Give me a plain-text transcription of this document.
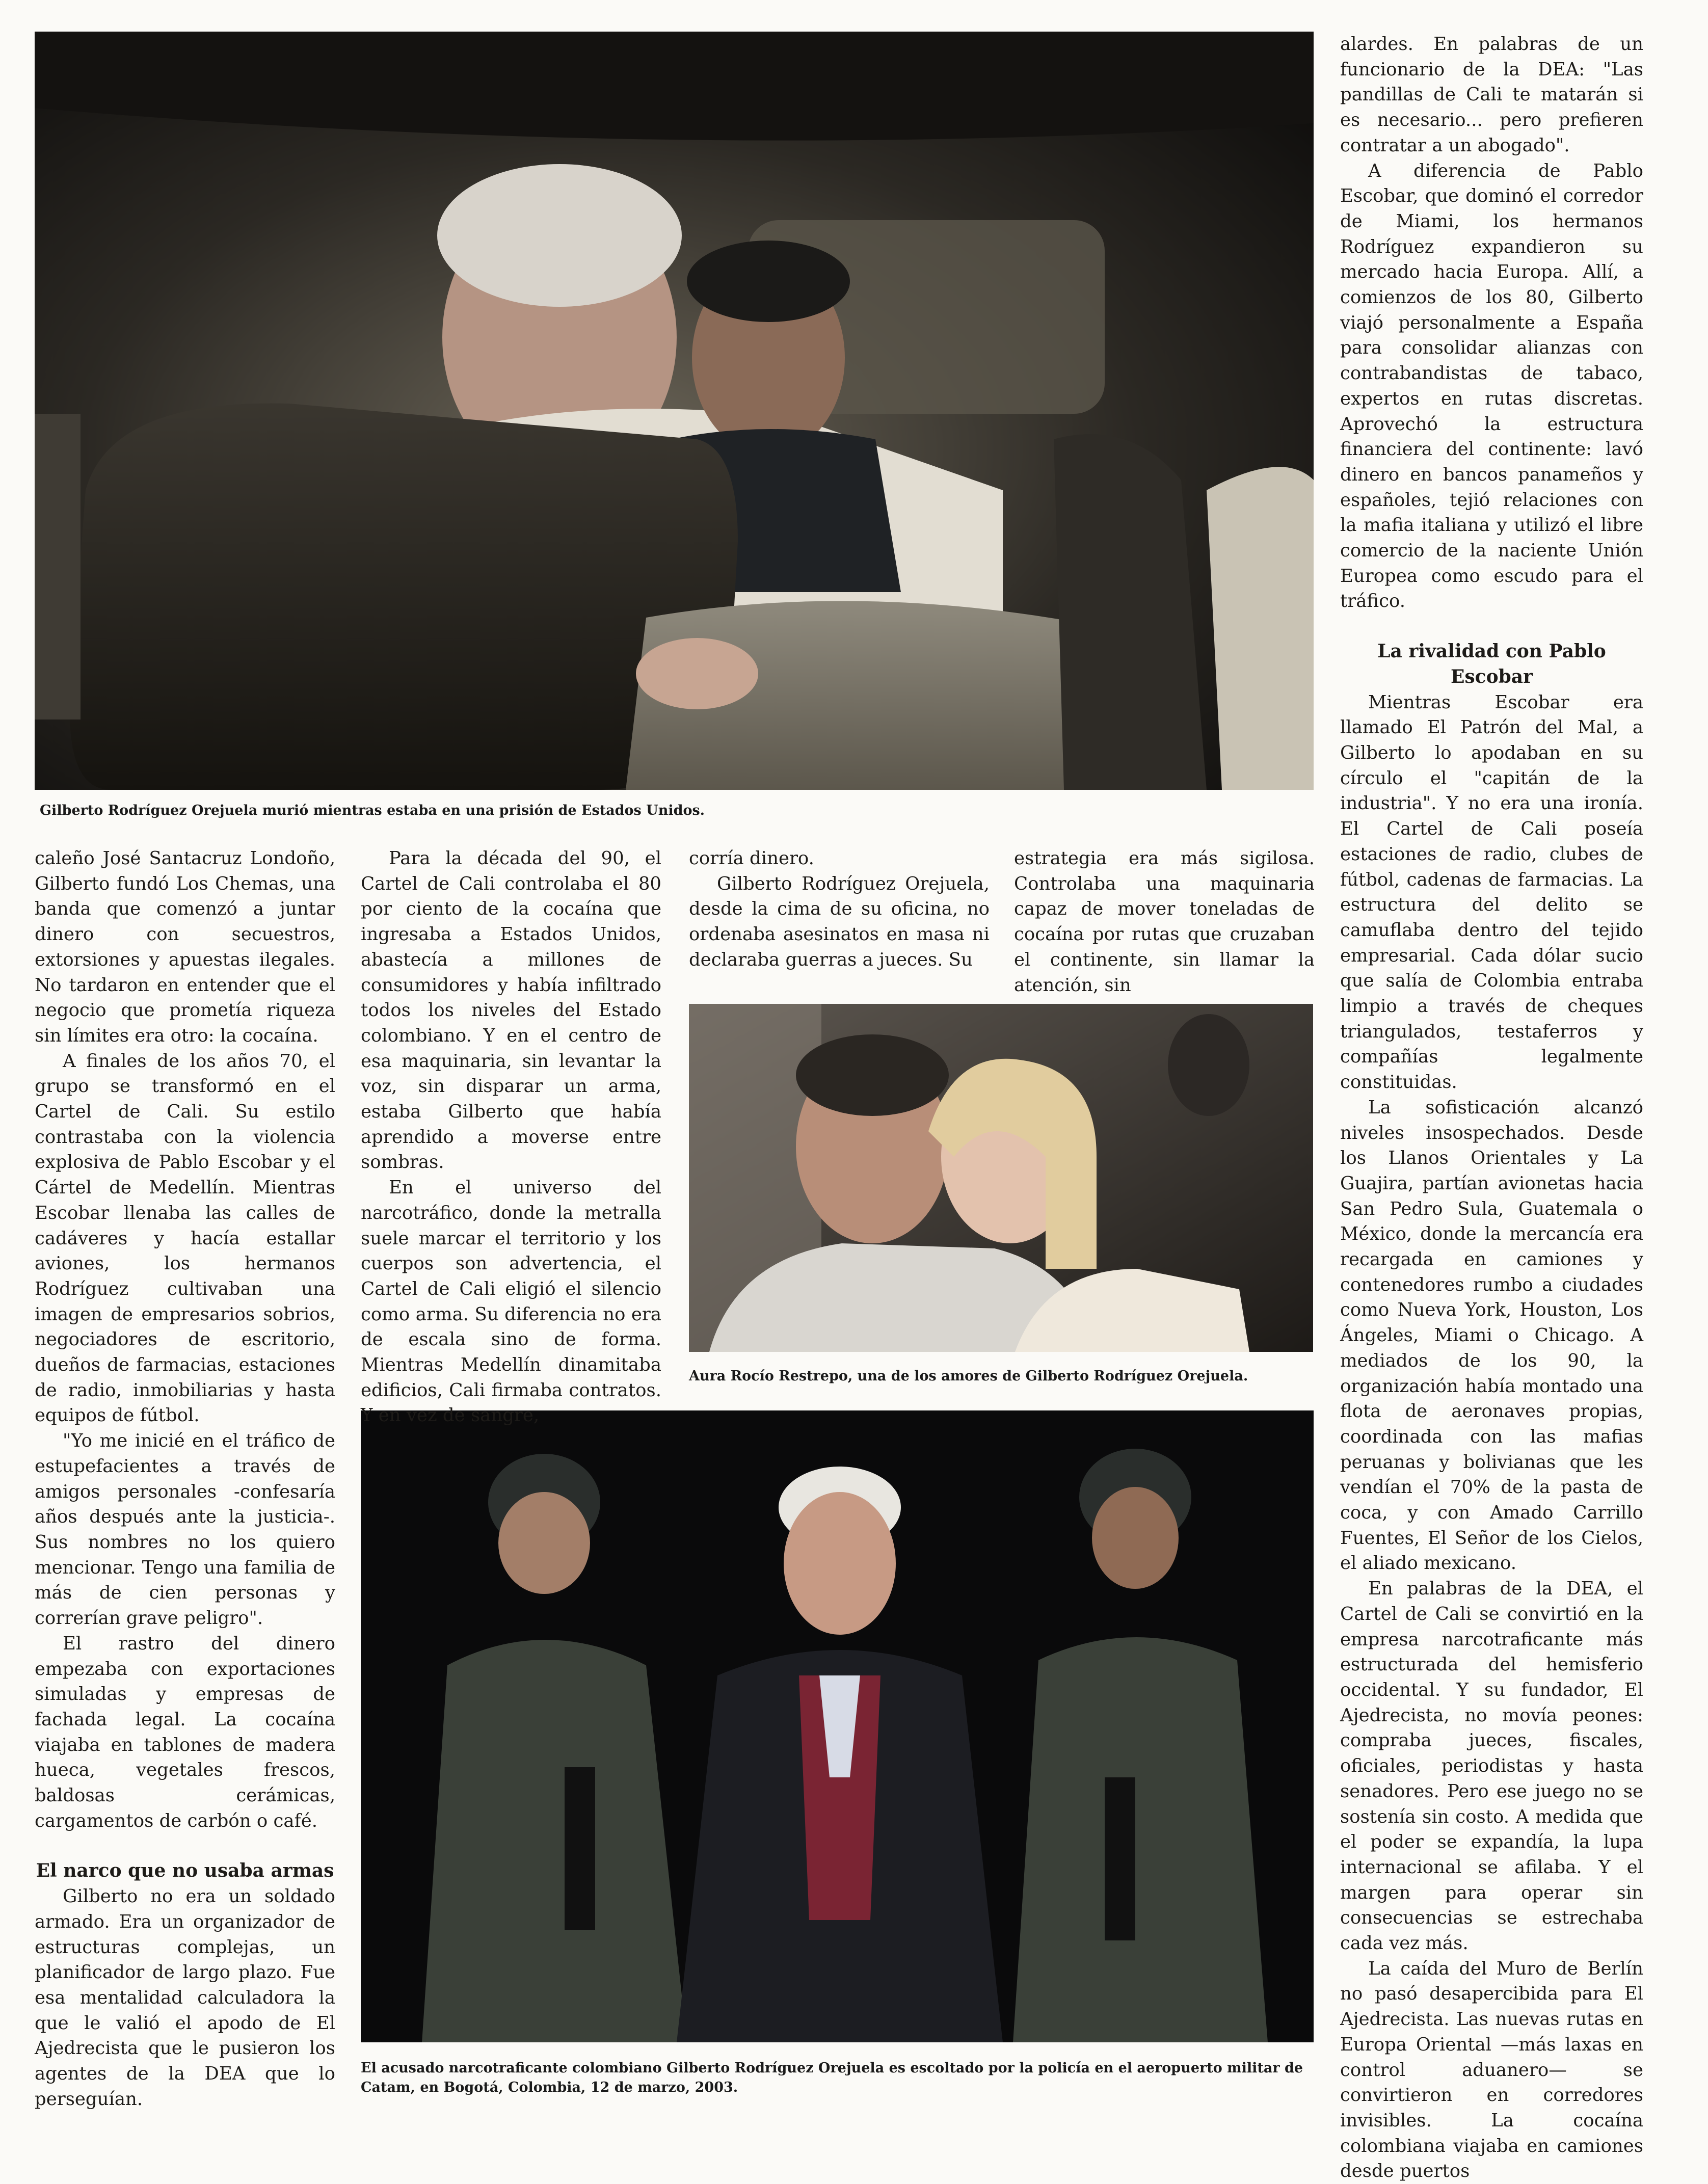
Gilberto Rodríguez Orejuela murió mientras estaba en una prisión de Estados Unidos.
Aura Rocío Restrepo, una de los amores de Gilberto Rodríguez Orejuela.
El acusado narcotraficante colombiano Gilberto Rodríguez Orejuela es escoltado por la policía en el aeropuerto militar de Catam, en Bogotá, Colombia, 12 de marzo, 2003.

caleño José Santacruz Londoño, Gilberto fundó Los Chemas, una banda que comenzó a juntar dinero con secuestros, extorsiones y apuestas ilegales. No tardaron en entender que el negocio que prometía riqueza sin límites era otro: la cocaína.

A finales de los años 70, el grupo se transformó en el Cartel de Cali. Su estilo contrastaba con la violencia explosiva de Pablo Escobar y el Cártel de Medellín. Mientras Escobar llenaba las calles de cadáveres y hacía estallar aviones, los hermanos Rodríguez cultivaban una imagen de empresarios sobrios, negociadores de escritorio, dueños de farmacias, estaciones de radio, inmobiliarias y hasta equipos de fútbol.

"Yo me inicié en el tráfico de estupefacientes a través de amigos personales -confesaría años después ante la justicia-. Sus nombres no los quiero mencionar. Tengo una familia de más de cien personas y correrían grave peligro".

El rastro del dinero empezaba con exportaciones simuladas y empresas de fachada legal. La cocaína viajaba en tablones de madera hueca, vegetales frescos, baldosas cerámicas, cargamentos de carbón o café.

El narco que no usaba armas

Gilberto no era un soldado armado. Era un organizador de estructuras complejas, un planificador de largo plazo. Fue esa mentalidad calculadora la que le valió el apodo de El Ajedrecista que le pusieron los agentes de la DEA que lo perseguían.

Para la década del 90, el Cartel de Cali controlaba el 80 por ciento de la cocaína que ingresaba a Estados Unidos, abastecía a millones de consumidores y había infiltrado todos los niveles del Estado colombiano. Y en el centro de esa maquinaria, sin levantar la voz, sin disparar un arma, estaba Gilberto que había aprendido a moverse entre sombras.

En el universo del narcotráfico, donde la metralla suele marcar el territorio y los cuerpos son advertencia, el Cartel de Cali eligió el silencio como arma. Su diferencia no era de escala sino de forma. Mientras Medellín dinamitaba edificios, Cali firmaba contratos. Y en vez de sangre,

corría dinero.

Gilberto Rodríguez Orejuela, desde la cima de su oficina, no ordenaba asesinatos en masa ni declaraba guerras a jueces. Su

estrategia era más sigilosa. Controlaba una maquinaria capaz de mover toneladas de cocaína por rutas que cruzaban el continente, sin llamar la atención, sin

alardes. En palabras de un funcionario de la DEA: "Las pandillas de Cali te matarán si es necesario... pero prefieren contratar a un abogado".

A diferencia de Pablo Escobar, que dominó el corredor de Miami, los hermanos Rodríguez expandieron su mercado hacia Europa. Allí, a comienzos de los 80, Gilberto viajó personalmente a España para consolidar alianzas con contrabandistas de tabaco, expertos en rutas discretas. Aprovechó la estructura financiera del continente: lavó dinero en bancos panameños y españoles, tejió relaciones con la mafia italiana y utilizó el libre comercio de la naciente Unión Europea como escudo para el tráfico.

La rivalidad con Pablo Escobar

Mientras Escobar era llamado El Patrón del Mal, a Gilberto lo apodaban en su círculo el "capitán de la industria". Y no era una ironía. El Cartel de Cali poseía estaciones de radio, clubes de fútbol, cadenas de farmacias. La estructura del delito se camuflaba dentro del tejido empresarial. Cada dólar sucio que salía de Colombia entraba limpio a través de cheques triangulados, testaferros y compañías legalmente constituidas.

La sofisticación alcanzó niveles insospechados. Desde los Llanos Orientales y La Guajira, partían avionetas hacia San Pedro Sula, Guatemala o México, donde la mercancía era recargada en camiones y contenedores rumbo a ciudades como Nueva York, Houston, Los Ángeles, Miami o Chicago. A mediados de los 90, la organización había montado una flota de aeronaves propias, coordinada con las mafias peruanas y bolivianas que les vendían el 70% de la pasta de coca, y con Amado Carrillo Fuentes, El Señor de los Cielos, el aliado mexicano.

En palabras de la DEA, el Cartel de Cali se convirtió en la empresa narcotraficante más estructurada del hemisferio occidental. Y su fundador, El Ajedrecista, no movía peones: compraba jueces, fiscales, oficiales, periodistas y hasta senadores. Pero ese juego no se sostenía sin costo. A medida que el poder se expandía, la lupa internacional se afilaba. Y el margen para operar sin consecuencias se estrechaba cada vez más.

La caída del Muro de Berlín no pasó desapercibida para El Ajedrecista. Las nuevas rutas en Europa Oriental —más laxas en control aduanero— se convirtieron en corredores invisibles. La cocaína colombiana viajaba en camiones desde puertos
